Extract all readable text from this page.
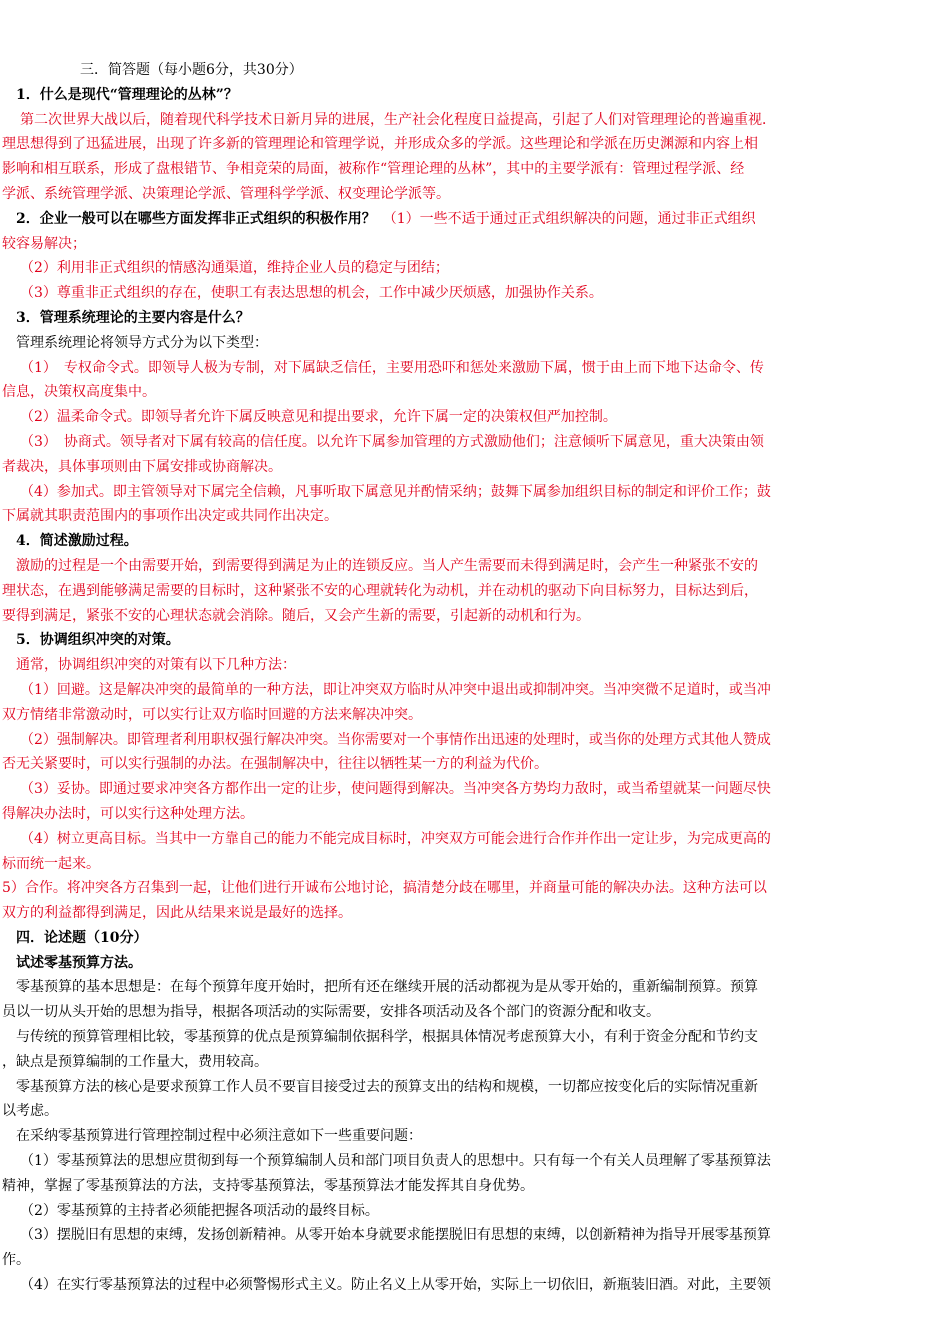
三．简答题（每小题6分，共30分）

1．什么是现代“管理理论的丛林”？

第二次世界大战以后，随着现代科学技术日新月异的进展，生产社会化程度日益提高，引起了人们对管理理论的普遍重视．

理思想得到了迅猛进展，出现了许多新的管理理论和管理学说，并形成众多的学派。这些理论和学派在历史渊源和内容上相

影响和相互联系，形成了盘根错节、争相竞荣的局面，被称作“管理论理的丛林”，其中的主要学派有：管理过程学派、经

学派、系统管理学派、决策理论学派、管理科学学派、权变理论学派等。

2．企业一般可以在哪些方面发挥非正式组织的积极作用？　（1）一些不适于通过正式组织解决的问题，通过非正式组织

较容易解决；

（2）利用非正式组织的情感沟通渠道，维持企业人员的稳定与团结；

（3）尊重非正式组织的存在，使职工有表达思想的机会，工作中减少厌烦感，加强协作关系。

3．管理系统理论的主要内容是什么？

管理系统理论将领导方式分为以下类型：

（1）　专权命令式。即领导人极为专制，对下属缺乏信任，主要用恐吓和惩处来激励下属，惯于由上而下地下达命令、传

信息，决策权高度集中。

（2）温柔命令式。即领导者允许下属反映意见和提出要求，允许下属一定的决策权但严加控制。

（3）　协商式。领导者对下属有较高的信任度。以允许下属参加管理的方式激励他们；注意倾听下属意见，重大决策由领

者裁决，具体事项则由下属安排或协商解决。

（4）参加式。即主管领导对下属完全信赖，凡事听取下属意见并酌情采纳；鼓舞下属参加组织目标的制定和评价工作；鼓

下属就其职责范围内的事项作出决定或共同作出决定。

4．简述激励过程。

激励的过程是一个由需要开始，到需要得到满足为止的连锁反应。当人产生需要而未得到满足时，会产生一种紧张不安的

理状态，在遇到能够满足需要的目标时，这种紧张不安的心理就转化为动机，并在动机的驱动下向目标努力，目标达到后，

要得到满足，紧张不安的心理状态就会消除。随后，又会产生新的需要，引起新的动机和行为。

5．协调组织冲突的对策。

通常，协调组织冲突的对策有以下几种方法：

（1）回避。这是解决冲突的最简单的一种方法，即让冲突双方临时从冲突中退出或抑制冲突。当冲突微不足道时，或当冲

双方情绪非常激动时，可以实行让双方临时回避的方法来解决冲突。

（2）强制解决。即管理者利用职权强行解决冲突。当你需要对一个事情作出迅速的处理时，或当你的处理方式其他人赞成

否无关紧要时，可以实行强制的办法。在强制解决中，往往以牺牲某一方的利益为代价。

（3）妥协。即通过要求冲突各方都作出一定的让步，使问题得到解决。当冲突各方势均力敌时，或当希望就某一问题尽快

得解决办法时，可以实行这种处理方法。

（4）树立更高目标。当其中一方靠自己的能力不能完成目标时，冲突双方可能会进行合作并作出一定让步，为完成更高的

标而统一起来。

5）合作。将冲突各方召集到一起，让他们进行开诚布公地讨论，搞清楚分歧在哪里，并商量可能的解决办法。这种方法可以

双方的利益都得到满足，因此从结果来说是最好的选择。

四．论述题（10分）

试述零基预算方法。

零基预算的基本思想是：在每个预算年度开始时，把所有还在继续开展的活动都视为是从零开始的，重新编制预算。预算

员以一切从头开始的思想为指导，根据各项活动的实际需要，安排各项活动及各个部门的资源分配和收支。

与传统的预算管理相比较，零基预算的优点是预算编制依据科学，根据具体情况考虑预算大小，有利于资金分配和节约支

，缺点是预算编制的工作量大，费用较高。

零基预算方法的核心是要求预算工作人员不要盲目接受过去的预算支出的结构和规模，一切都应按变化后的实际情况重新

以考虑。

在采纳零基预算进行管理控制过程中必须注意如下一些重要问题：

（1）零基预算法的思想应贯彻到每一个预算编制人员和部门项目负责人的思想中。只有每一个有关人员理解了零基预算法

精神，掌握了零基预算法的方法，支持零基预算法，零基预算法才能发挥其自身优势。

（2）零基预算的主持者必须能把握各项活动的最终目标。

（3）摆脱旧有思想的束缚，发扬创新精神。从零开始本身就要求能摆脱旧有思想的束缚，以创新精神为指导开展零基预算

作。

（4）在实行零基预算法的过程中必须警惕形式主义。防止名义上从零开始，实际上一切依旧，新瓶装旧酒。对此，主要领
